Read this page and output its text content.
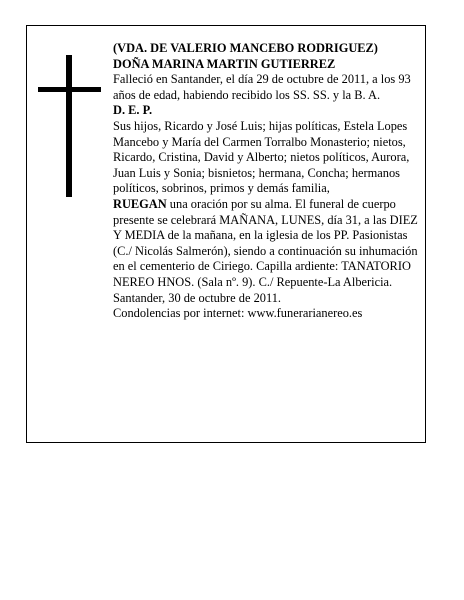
(VDA. DE VALERIO MANCEBO RODRIGUEZ)

DOÑA MARINA MARTIN GUTIERREZ

Falleció en Santander, el día 29 de octubre de 2011, a los 93 años de edad, habiendo recibido los SS. SS. y la B. A.

D. E. P.

Sus hijos, Ricardo y José Luis; hijas políticas, Estela Lopes Mancebo y María del Carmen Torralbo Monasterio; nietos, Ricardo, Cristina, David y Alberto; nietos políticos, Aurora, Juan Luis y Sonia; bisnietos; hermana, Concha; hermanos políticos, sobrinos, primos y demás familia,

RUEGAN una oración por su alma. El funeral de cuerpo presente se celebrará MAÑANA, LUNES, día 31, a las DIEZ Y MEDIA de la mañana, en la iglesia de los PP. Pasionistas (C./ Nicolás Salmerón), siendo a continuación su inhumación en el cementerio de Ciriego. Capilla ardiente: TANATORIO NEREO HNOS. (Sala nº. 9). C./ Repuente-La Albericia.

Santander, 30 de octubre de 2011.

Condolencias por internet: www.funerarianereo.es
